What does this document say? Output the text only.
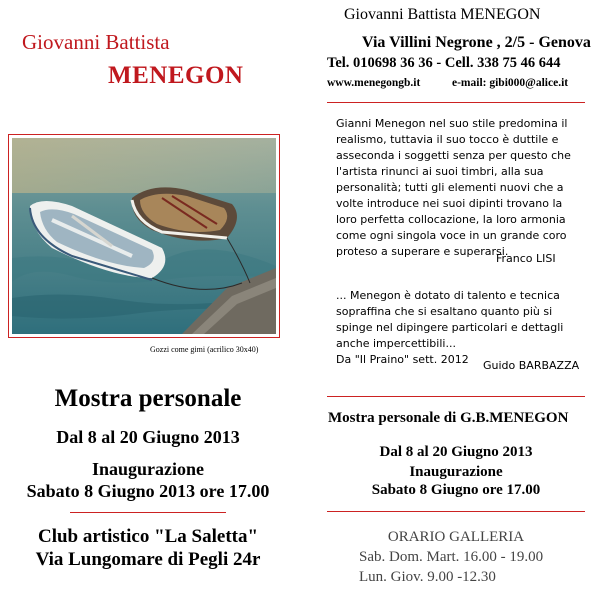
Giovanni Battista
MENEGON
Gozzi come gimi (acrilico 30x40)
Mostra personale
Dal 8 al 20 Giugno 2013
Inaugurazione
Sabato 8 Giugno 2013 ore 17.00
Club artistico "La Saletta"
Via Lungomare di Pegli 24r
Giovanni Battista MENEGON
Via Villini Negrone , 2/5 - Genova
Tel. 010698 36 36 - Cell. 338 75 46 644
www.menegongb.it	e-mail: gibi000@alice.it
Gianni Menegon nel suo stile predomina il
realismo, tuttavia il suo tocco è duttile e
asseconda i soggetti senza per questo che
l'artista rinunci ai suoi timbri, alla sua
personalità; tutti gli elementi nuovi che a
volte introduce nei suoi dipinti trovano la
loro perfetta collocazione, la loro armonia
come ogni singola voce in un grande coro
proteso a superare e superarsi.
Franco LISI
... Menegon è dotato di talento e tecnica
sopraffina che si esaltano quanto più si
spinge nel dipingere particolari e dettagli
anche impercettibili...
Da "Il Praino" sett. 2012	Guido BARBAZZA
Mostra personale di G.B.MENEGON
Dal 8 al 20 Giugno 2013
Inaugurazione
Sabato 8 Giugno ore 17.00
ORARIO GALLERIA
Sab. Dom. Mart. 16.00 - 19.00
Lun. Giov. 9.00 -12.30
